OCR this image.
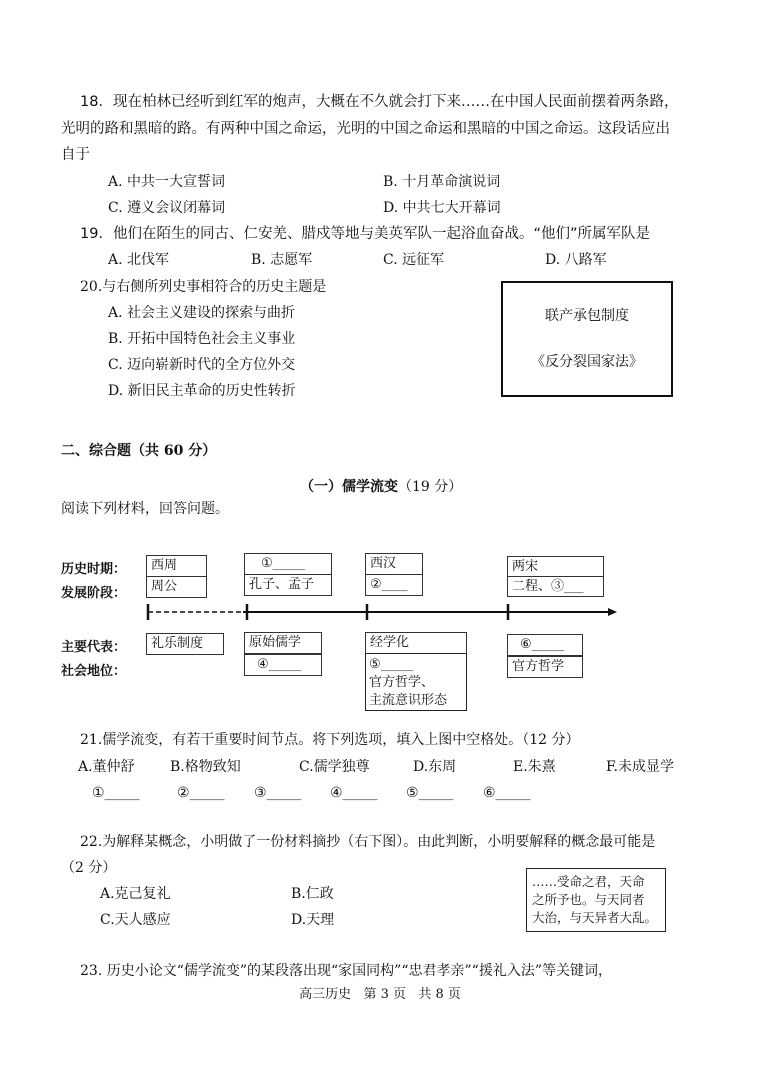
18．现在柏林已经听到红军的炮声，大概在不久就会打下来……在中国人民面前摆着两条路，
光明的路和黑暗的路。有两种中国之命运，光明的中国之命运和黑暗的中国之命运。这段话应出
自于
A. 中共一大宣誓词	B. 十月革命演说词
C. 遵义会议闭幕词	D. 中共七大开幕词
19．他们在陌生的同古、仁安羌、腊戍等地与美英军队一起浴血奋战。“他们”所属军队是
A. 北伐军	B. 志愿军	C. 远征军	D. 八路军
20.与右侧所列史事相符合的历史主题是
A. 社会主义建设的探索与曲折
B. 开拓中国特色社会主义事业
C. 迈向崭新时代的全方位外交
D. 新旧民主革命的历史性转折
联产承包制度
《反分裂国家法》
二、综合题（共 60 分）
（一）儒学流变（19 分）
阅读下列材料，回答问题。
历史时期：
发展阶段：
西周
周公
①_____
孔子、孟子
西汉
②____
两宋
二程、③___
主要代表：
社会地位：
礼乐制度	原始儒学
④_____
经学化
⑤_____
官方哲学、
主流意识形态
⑥_____
官方哲学
21.儒学流变，有若干重要时间节点。将下列选项，填入上图中空格处。（12 分）
A.董仲舒	B.格物致知	C.儒学独尊	D.东周	E.朱熹	F.未成显学
①_____	②_____ ③_____ ④_____ ⑤_____ ⑥_____
22.为解释某概念，小明做了一份材料摘抄（右下图）。由此判断，小明要解释的概念最可能是
（2 分）
A.克己复礼	B.仁政
C.天人感应	D.天理
……受命之君，天命
之所予也。与天同者
大治，与天异者大乱。
23. 历史小论文“儒学流变”的某段落出现“家国同构”“忠君孝亲”“援礼入法”等关键词，
高三历史   第 3 页   共 8 页
